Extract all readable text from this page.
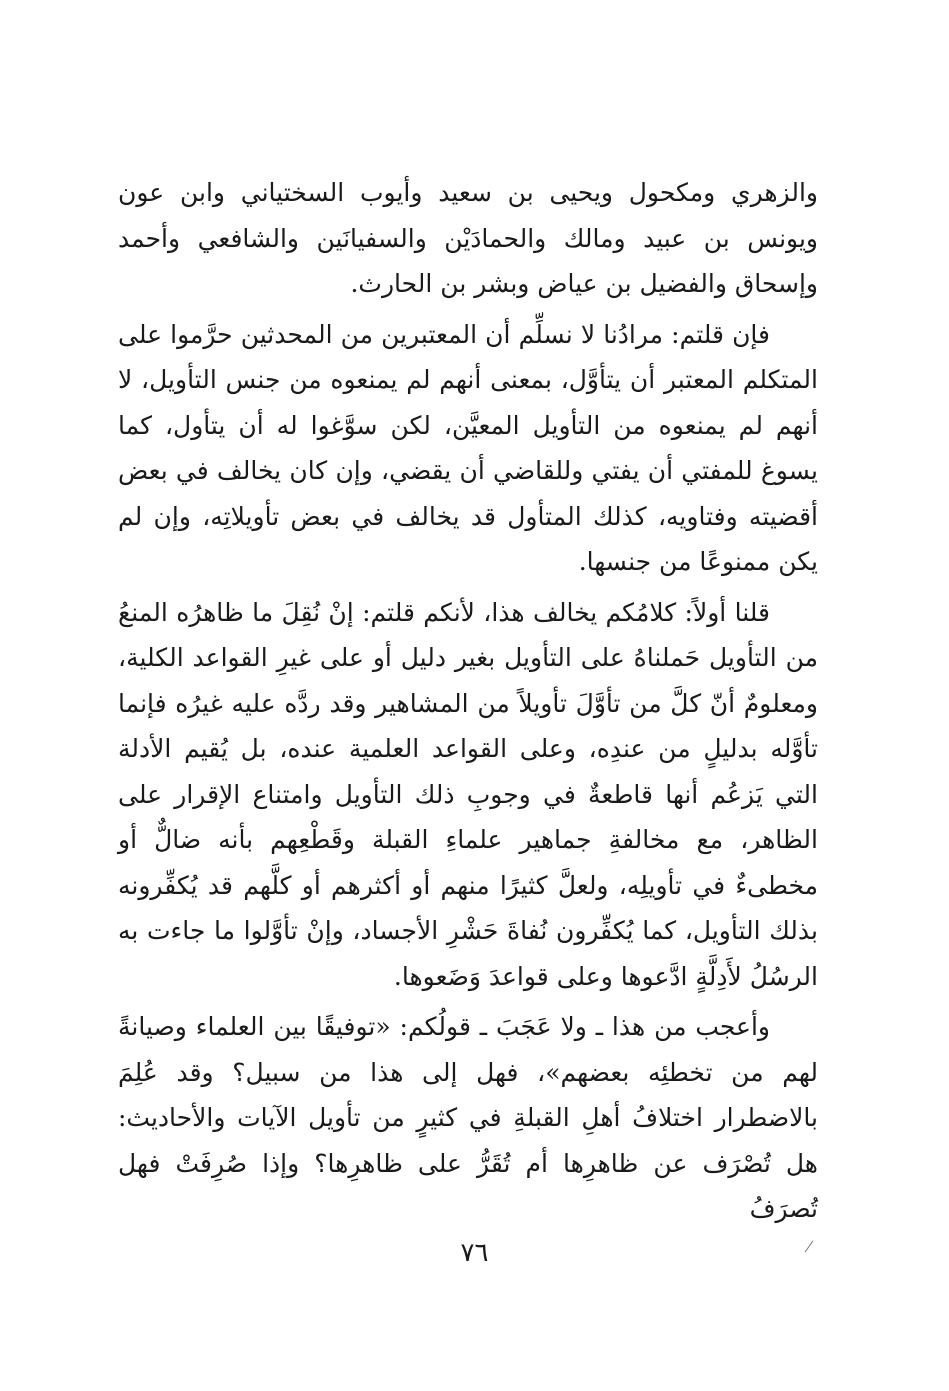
والزهري ومكحول ويحيى بن سعيد وأيوب السختياني وابن عون ويونس بن عبيد ومالك والحمادَيْن والسفيانَين والشافعي وأحمد وإسحاق والفضيل بن عياض وبشر بن الحارث.

فإن قلتم: مرادُنا لا نسلِّم أن المعتبرين من المحدثين حرَّموا على المتكلم المعتبر أن يتأوَّل، بمعنى أنهم لم يمنعوه من جنس التأويل، لا أنهم لم يمنعوه من التأويل المعيَّن، لكن سوَّغوا له أن يتأول، كما يسوغ للمفتي أن يفتي وللقاضي أن يقضي، وإن كان يخالف في بعض أقضيته وفتاويه، كذلك المتأول قد يخالف في بعض تأويلاتِه، وإن لم يكن ممنوعًا من جنسها.

قلنا أولاً: كلامُكم يخالف هذا، لأنكم قلتم: إنْ نُقِلَ ما ظاهرُه المنعُ من التأويل حَملناهُ على التأويل بغير دليل أو على غيرِ القواعد الكلية، ومعلومٌ أنّ كلَّ من تأوَّلَ تأويلاً من المشاهير وقد ردَّه عليه غيرُه فإنما تأوَّله بدليلٍ من عندِه، وعلى القواعد العلمية عنده، بل يُقيم الأدلة التي يَزعُم أنها قاطعةٌ في وجوبِ ذلك التأويل وامتناع الإقرار على الظاهر، مع مخالفةِ جماهير علماءِ القبلة وقَطْعِهم بأنه ضالٌّ أو مخطىءٌ في تأويلِه، ولعلَّ كثيرًا منهم أو أكثرهم أو كلَّهم قد يُكفِّرونه بذلك التأويل، كما يُكفِّرون نُفاةَ حَشْرِ الأجساد، وإنْ تأوَّلوا ما جاءت به الرسُلُ لأَدِلَّةٍ ادَّعوها وعلى قواعدَ وَضَعوها.

وأعجب من هذا ـ ولا عَجَبَ ـ قولُكم: «توفيقًا بين العلماء وصيانةً لهم من تخطئِه بعضهم»، فهل إلى هذا من سبيل؟ وقد عُلِمَ بالاضطرار اختلافُ أهلِ القبلةِ في كثيرٍ من تأويل الآيات والأحاديث: هل تُصْرَف عن ظاهرِها أم تُقَرُّ على ظاهرِها؟ وإذا صُرِفَتْ فهل تُصرَفُ

٧٦
